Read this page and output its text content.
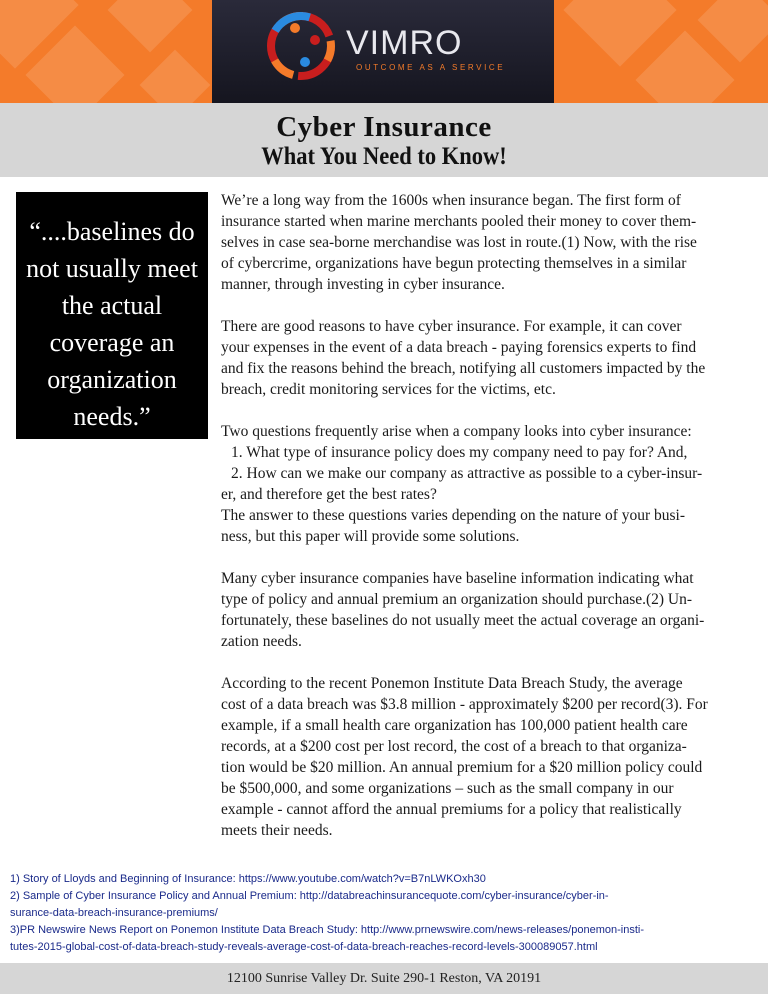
VIMRO
OUTCOME AS A SERVICE
Cyber Insurance
What You Need to Know!
“....baselines do not usually meet the actual coverage an organization needs.”

We’re a long way from the 1600s when insurance began. The first form of
insurance started when marine merchants pooled their money to cover them-
selves in case sea-borne merchandise was lost in route.(1) Now, with the rise
of cybercrime, organizations have begun protecting themselves in a similar
manner, through investing in cyber insurance.

There are good reasons to have cyber insurance. For example, it can cover
your expenses in the event of a data breach - paying forensics experts to find
and fix the reasons behind the breach, notifying all customers impacted by the
breach, credit monitoring services for the victims, etc.

Two questions frequently arise when a company looks into cyber insurance:
1. What type of insurance policy does my company need to pay for? And,
2. How can we make our company as attractive as possible to a cyber-insur-
er, and therefore get the best rates?
The answer to these questions varies depending on the nature of your busi-
ness, but this paper will provide some solutions.

Many cyber insurance companies have baseline information indicating what
type of policy and annual premium an organization should purchase.(2) Un-
fortunately, these baselines do not usually meet the actual coverage an organi-
zation needs.

According to the recent Ponemon Institute Data Breach Study, the average
cost of a data breach was $3.8 million - approximately $200 per record(3). For
example, if a small health care organization has 100,000 patient health care
records, at a $200 cost per lost record, the cost of a breach to that organiza-
tion would be $20 million. An annual premium for a $20 million policy could
be $500,000, and some organizations – such as the small company in our
example - cannot afford the annual premiums for a policy that realistically
meets their needs.

1) Story of Lloyds and Beginning of Insurance: https://www.youtube.com/watch?v=B7nLWKOxh30
2) Sample of Cyber Insurance Policy and Annual Premium: http://databreachinsurancequote.com/cyber-insurance/cyber-in-
surance-data-breach-insurance-premiums/
3)PR Newswire News Report on Ponemon Institute Data Breach Study: http://www.prnewswire.com/news-releases/ponemon-insti-
tutes-2015-global-cost-of-data-breach-study-reveals-average-cost-of-data-breach-reaches-record-levels-300089057.html
12100 Sunrise Valley Dr. Suite 290-1 Reston, VA 20191
